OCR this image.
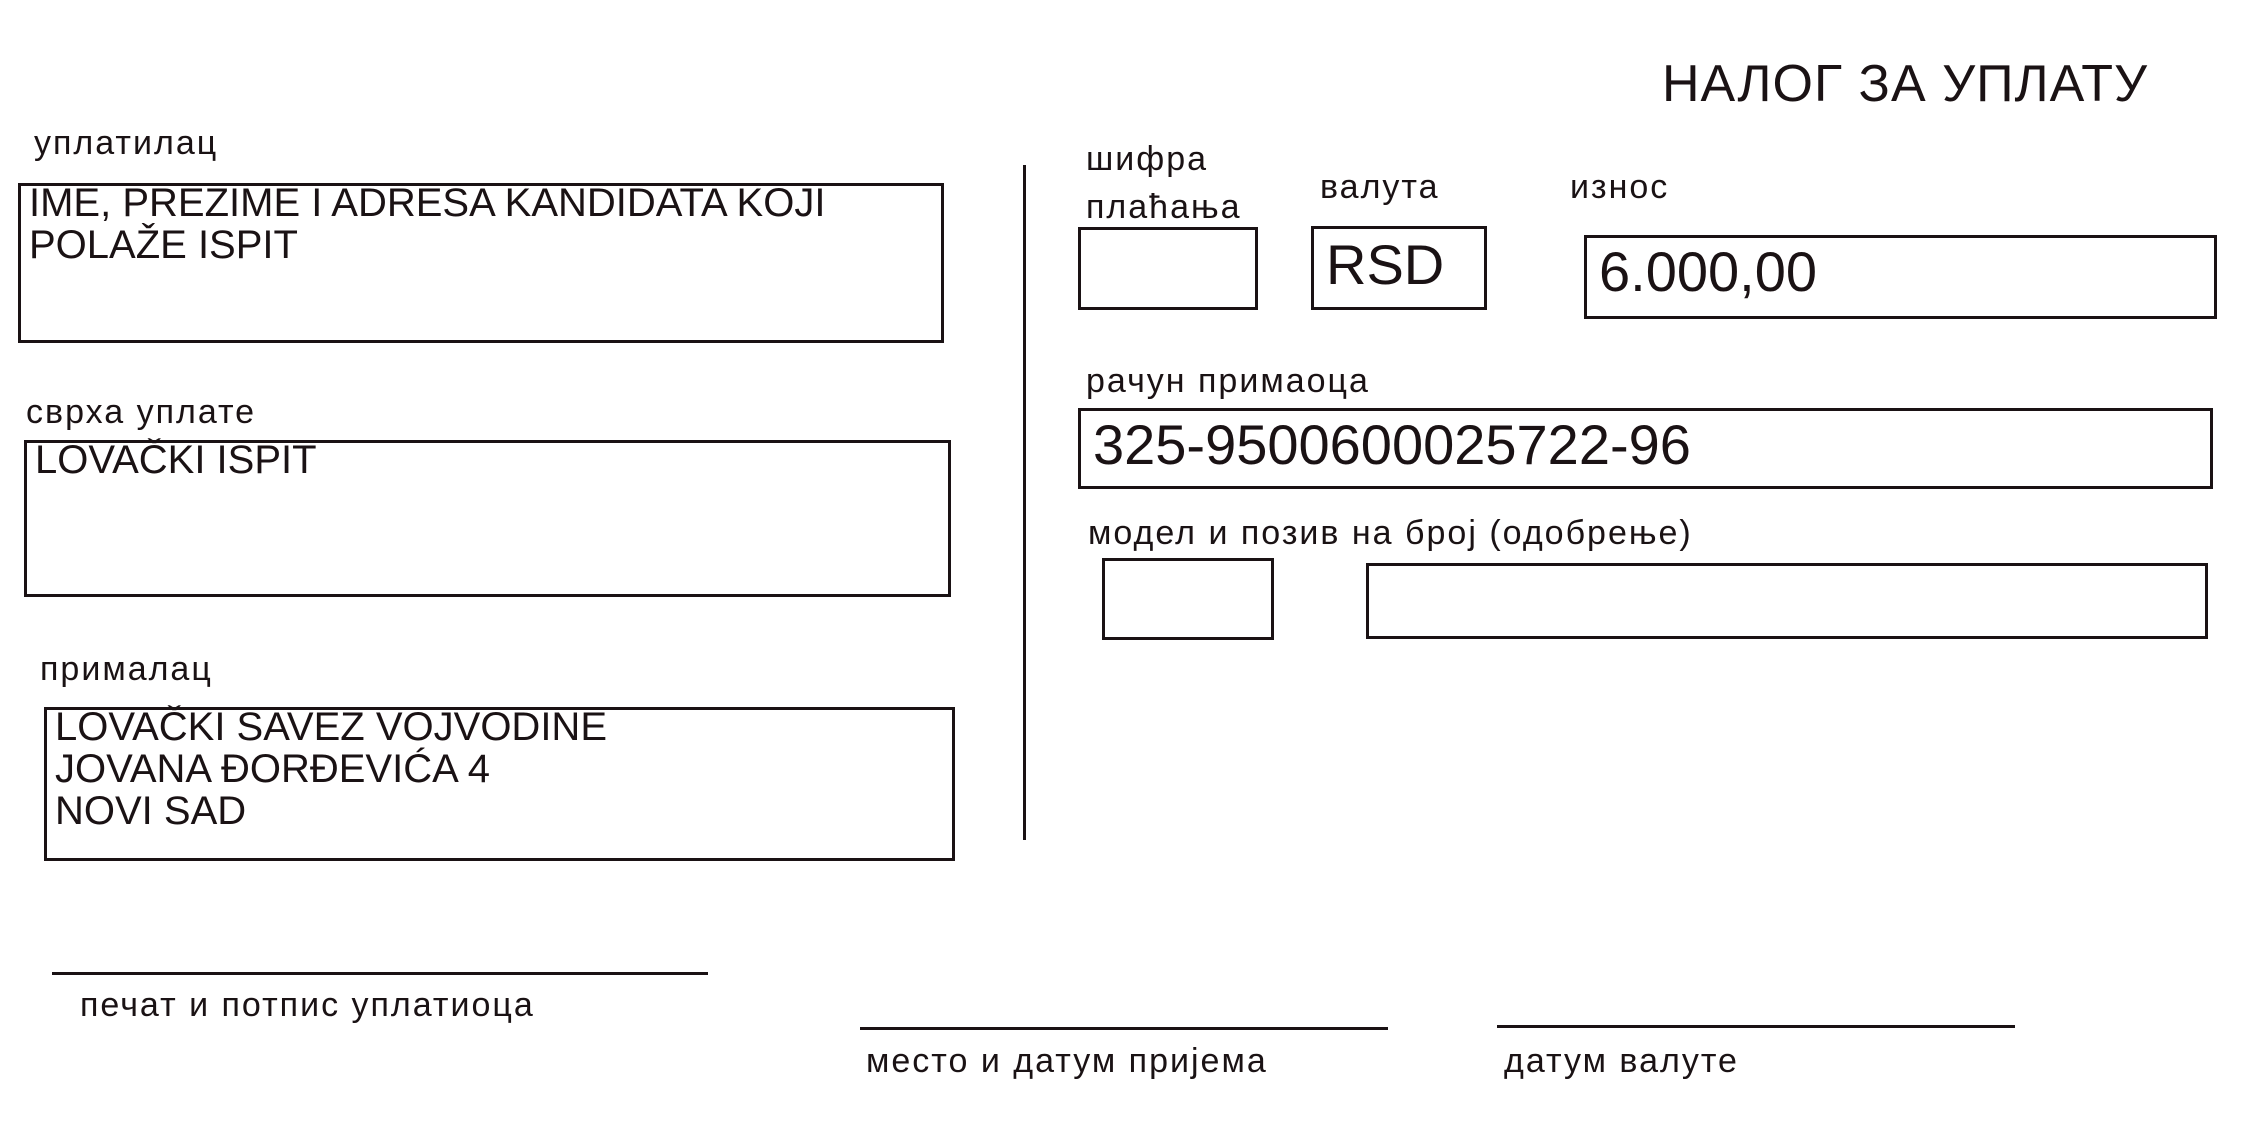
НАЛОГ ЗА УПЛАТУ
уплатилац
IME, PREZIME I ADRESA KANDIDATA KOJI
POLAŽE ISPIT
сврха уплате
LOVAČKI ISPIT
прималац
LOVAČKI SAVEZ VOJVODINE
JOVANA ĐORĐEVIĆA 4
NOVI SAD
шифра
плаћања
валута
RSD
износ
6.000,00
рачун примаоца
325-9500600025722-96
модел и позив на број (одобрење)
печат и потпис уплатиоца
место и датум пријема	датум валуте
